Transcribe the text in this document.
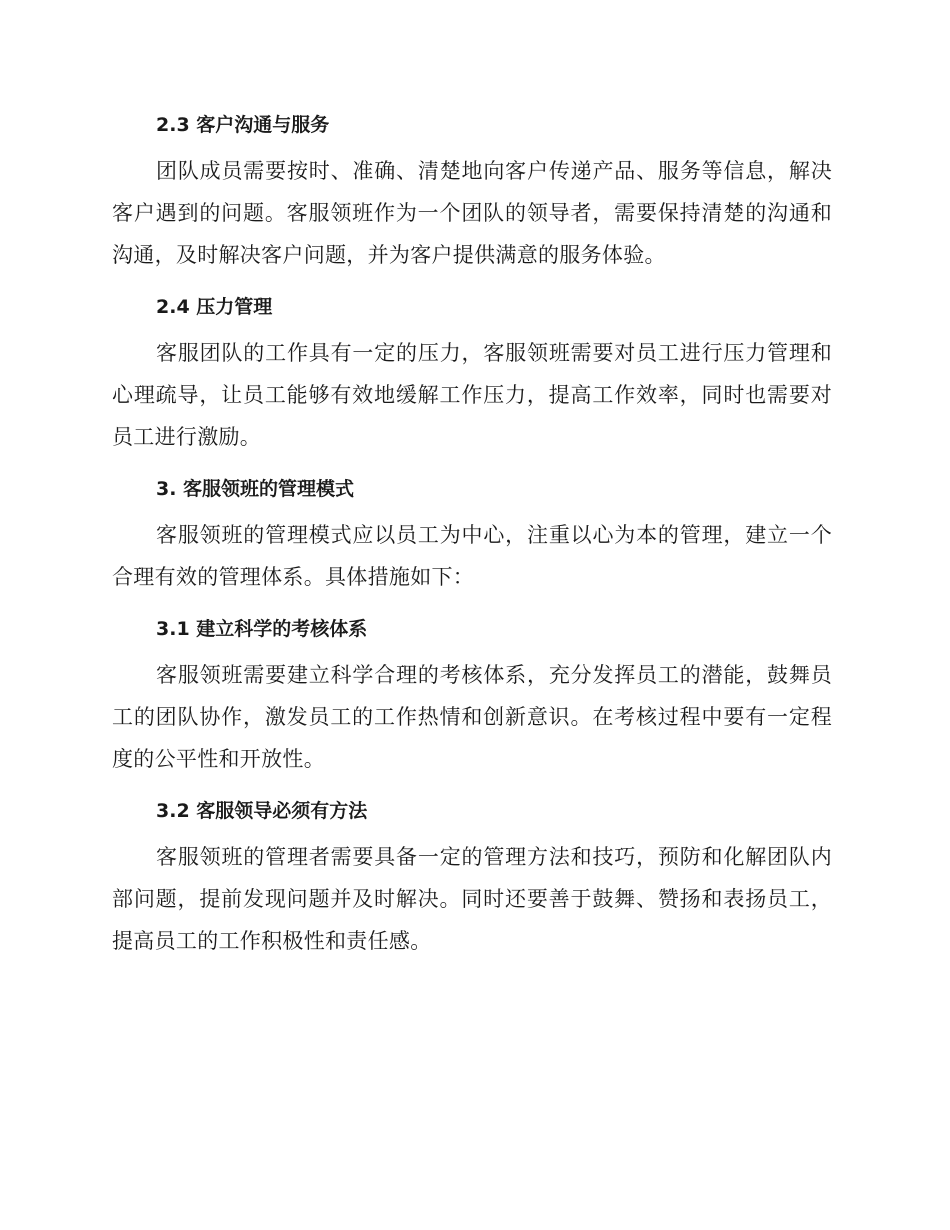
2.3 客户沟通与服务

团队成员需要按时、准确、清楚地向客户传递产品、服务等信息，解决客户遇到的问题。客服领班作为一个团队的领导者，需要保持清楚的沟通和沟通，及时解决客户问题，并为客户提供满意的服务体验。

2.4 压力管理

客服团队的工作具有一定的压力，客服领班需要对员工进行压力管理和心理疏导，让员工能够有效地缓解工作压力，提高工作效率，同时也需要对员工进行激励。

3. 客服领班的管理模式

客服领班的管理模式应以员工为中心，注重以心为本的管理，建立一个合理有效的管理体系。具体措施如下：

3.1 建立科学的考核体系

客服领班需要建立科学合理的考核体系，充分发挥员工的潜能，鼓舞员工的团队协作，激发员工的工作热情和创新意识。在考核过程中要有一定程度的公平性和开放性。

3.2 客服领导必须有方法

客服领班的管理者需要具备一定的管理方法和技巧，预防和化解团队内部问题，提前发现问题并及时解决。同时还要善于鼓舞、赞扬和表扬员工，提高员工的工作积极性和责任感。
